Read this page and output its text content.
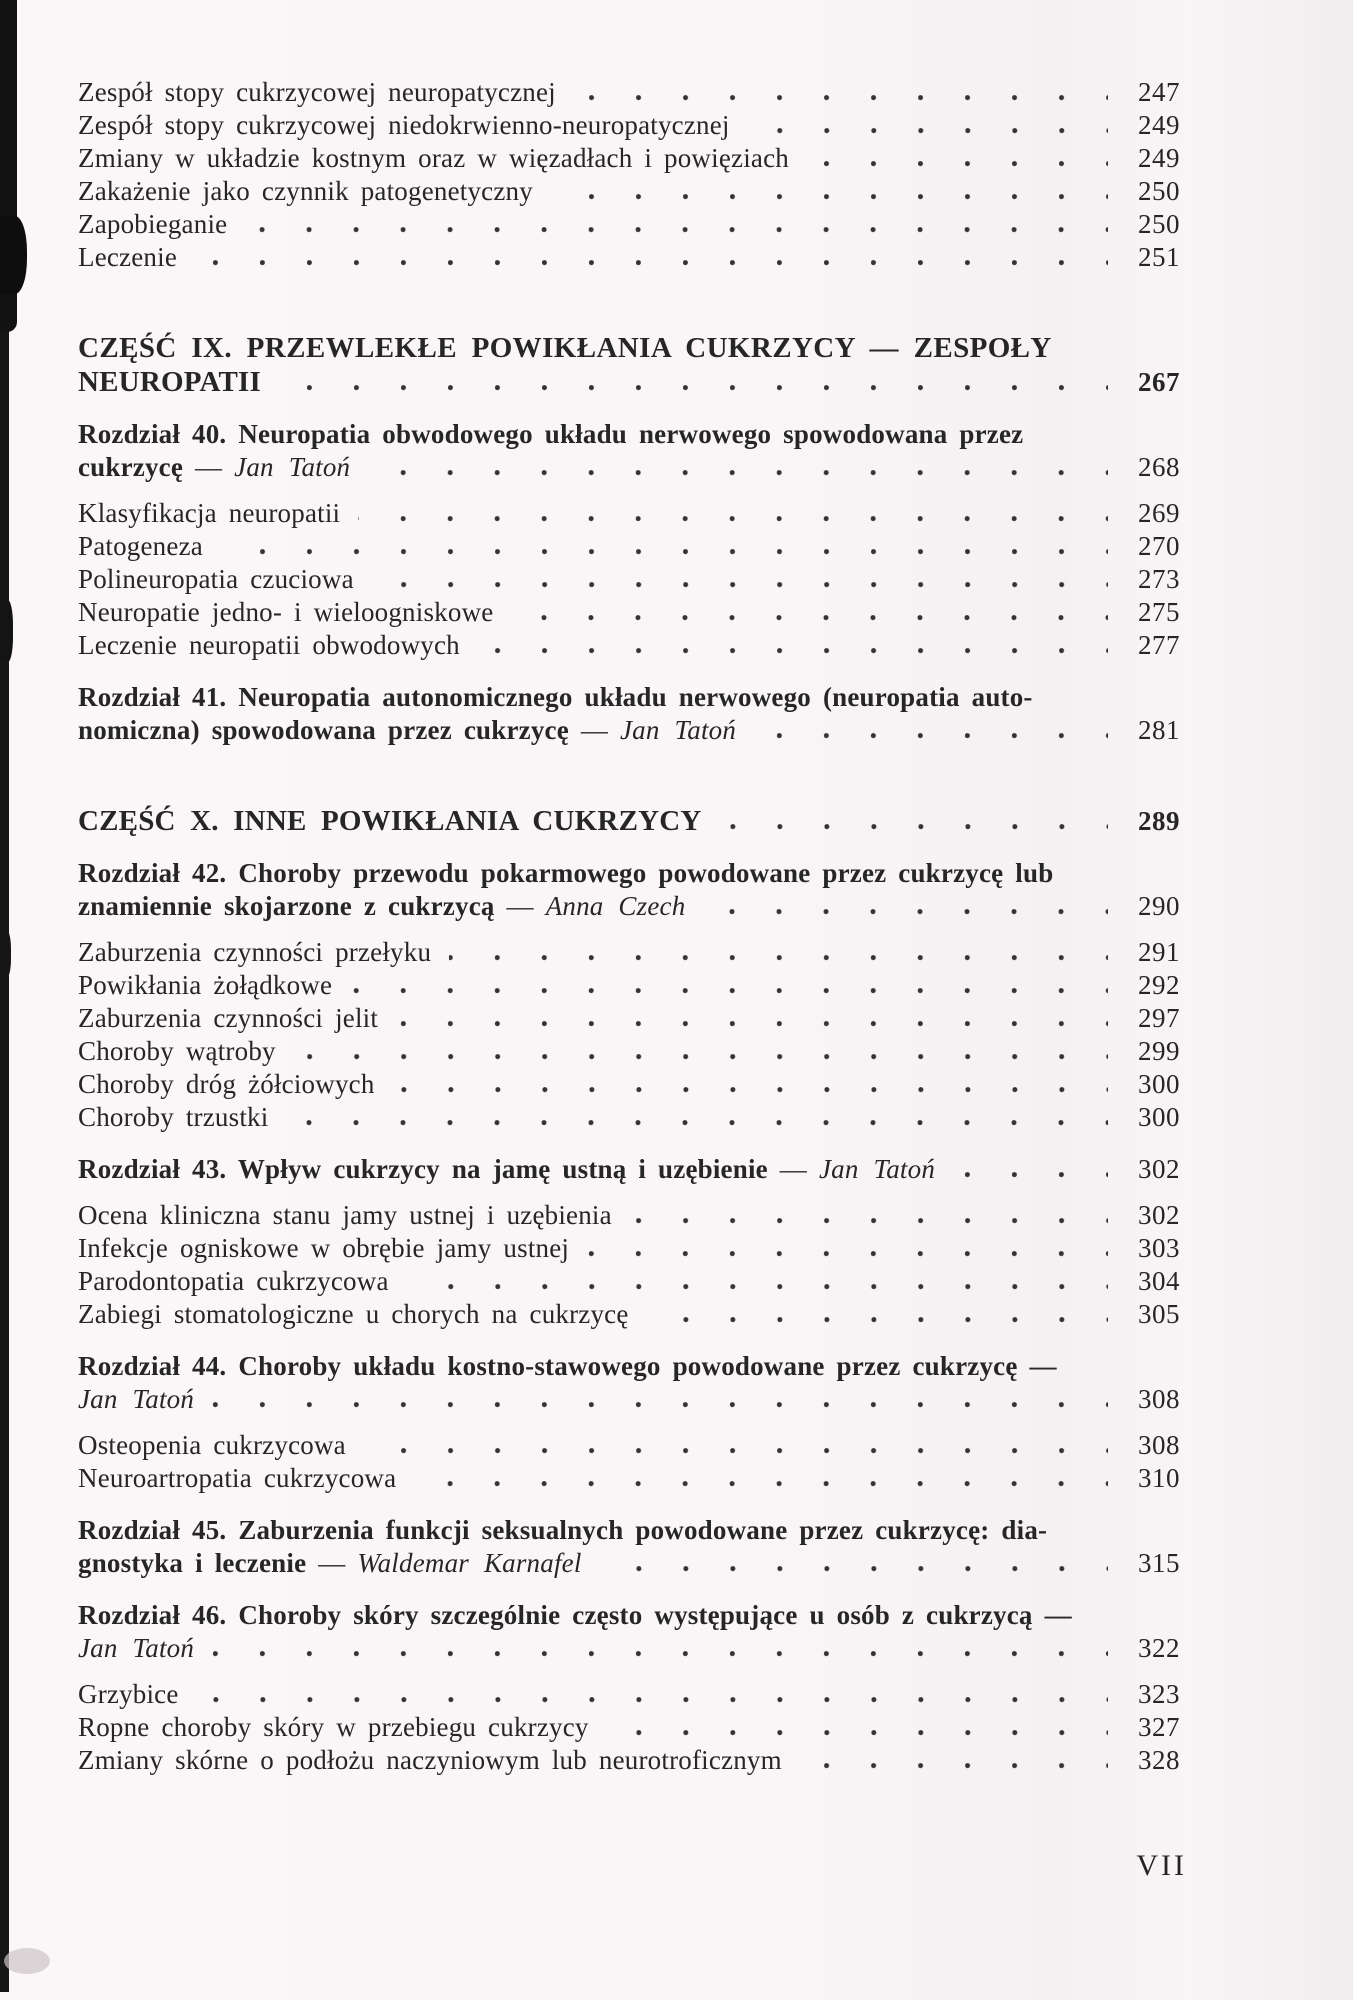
Zespół stopy cukrzycowej neuropatycznej	247
Zespół stopy cukrzycowej niedokrwienno-neuropatycznej	249
Zmiany w układzie kostnym oraz w więzadłach i powięziach	249
Zakażenie jako czynnik patogenetyczny	250
Zapobieganie	250
Leczenie	251
CZĘŚĆ IX. PRZEWLEKŁE POWIKŁANIA CUKRZYCY — ZESPOŁY
NEUROPATII	267
Rozdział 40. Neuropatia obwodowego układu nerwowego spowodowana przez
cukrzycę — Jan Tatoń	268
Klasyfikacja neuropatii	269
Patogeneza	270
Polineuropatia czuciowa	273
Neuropatie jedno- i wieloogniskowe	275
Leczenie neuropatii obwodowych	277
Rozdział 41. Neuropatia autonomicznego układu nerwowego (neuropatia auto-
nomiczna) spowodowana przez cukrzycę — Jan Tatoń	281
CZĘŚĆ X. INNE POWIKŁANIA CUKRZYCY	289
Rozdział 42. Choroby przewodu pokarmowego powodowane przez cukrzycę lub
znamiennie skojarzone z cukrzycą — Anna Czech	290
Zaburzenia czynności przełyku	291
Powikłania żołądkowe	292
Zaburzenia czynności jelit	297
Choroby wątroby	299
Choroby dróg żółciowych	300
Choroby trzustki	300
Rozdział 43. Wpływ cukrzycy na jamę ustną i uzębienie — Jan Tatoń	302
Ocena kliniczna stanu jamy ustnej i uzębienia	302
Infekcje ogniskowe w obrębie jamy ustnej	303
Parodontopatia cukrzycowa	304
Zabiegi stomatologiczne u chorych na cukrzycę	305
Rozdział 44. Choroby układu kostno-stawowego powodowane przez cukrzycę —
Jan Tatoń	308
Osteopenia cukrzycowa	308
Neuroartropatia cukrzycowa	310
Rozdział 45. Zaburzenia funkcji seksualnych powodowane przez cukrzycę: dia-
gnostyka i leczenie — Waldemar Karnafel	315
Rozdział 46. Choroby skóry szczególnie często występujące u osób z cukrzycą —
Jan Tatoń	322
Grzybice	323
Ropne choroby skóry w przebiegu cukrzycy	327
Zmiany skórne o podłożu naczyniowym lub neurotroficznym	328
VII
